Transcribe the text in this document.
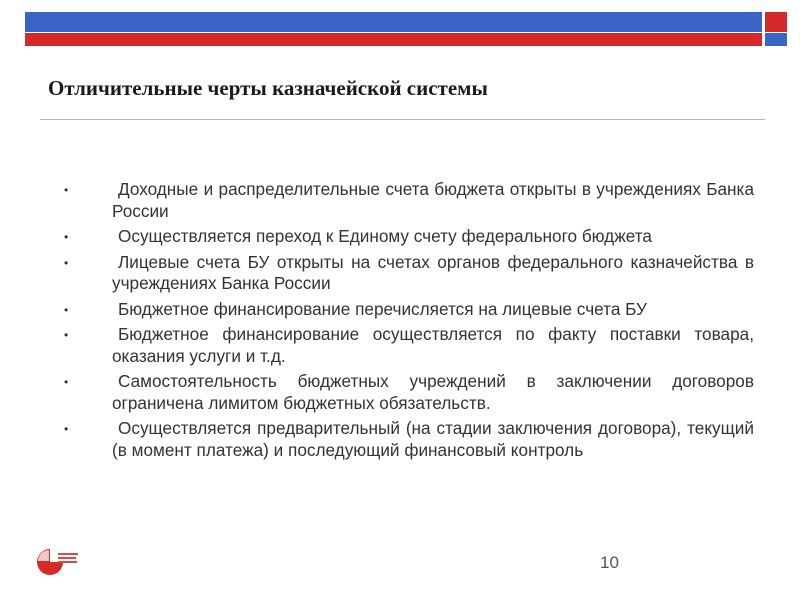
Отличительные черты казначейской системы
•	Доходные и распределительные счета бюджета открыты в учреждениях Банка России
•	Осуществляется переход к Единому счету федерального бюджета
•	Лицевые счета БУ открыты на счетах органов федерального казначейства в учреждениях Банка России
•	Бюджетное финансирование перечисляется на лицевые счета БУ
•	Бюджетное финансирование осуществляется по факту поставки товара, оказания услуги и т.д.
•	Самостоятельность бюджетных учреждений в заключении договоров ограничена лимитом бюджетных обязательств.
•	Осуществляется предварительный (на стадии заключения договора), текущий (в момент платежа) и последующий финансовый контроль
10
